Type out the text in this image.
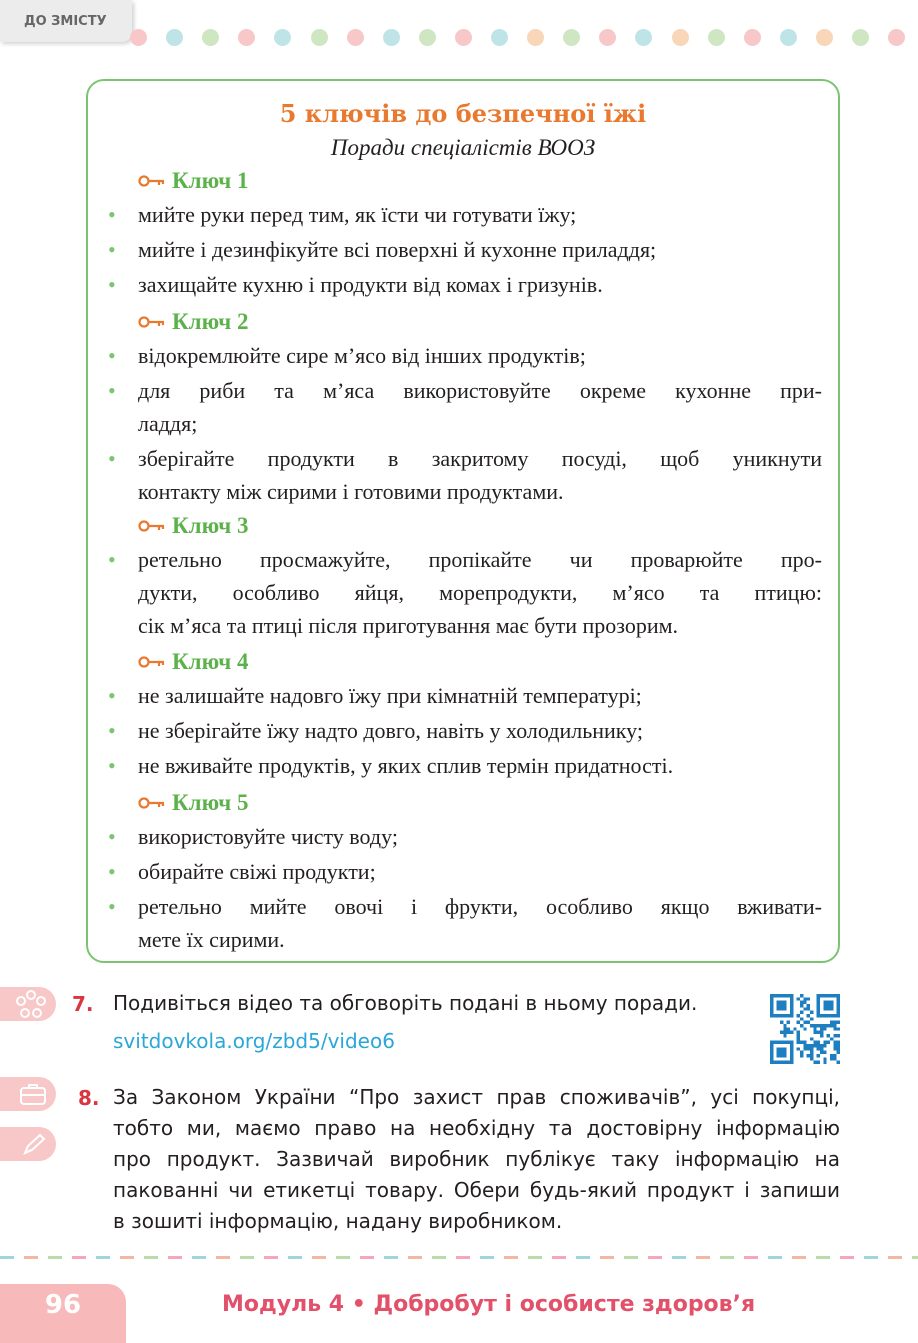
ДО ЗМІСТУ
5 ключів до безпечної їжі
Поради спеціалістів ВООЗ
Ключ 1
•	мийте руки перед тим, як їсти чи готувати їжу;
•	мийте і дезинфікуйте всі поверхні й кухонне приладдя;
•	захищайте кухню і продукти від комах і гризунів.
Ключ 2
•	відокремлюйте сире м’ясо від інших продуктів;
•	для риби та м’яса використовуйте окреме кухонне при-
ладдя;
•	зберігайте продукти в закритому посуді, щоб уникнути
контакту між сирими і готовими продуктами.
Ключ 3
•	ретельно просмажуйте, пропікайте чи проварюйте про-
дукти, особливо яйця, морепродукти, м’ясо та птицю:
сік м’яса та птиці після приготування має бути прозорим.
Ключ 4
•	не залишайте надовго їжу при кімнатній температурі;
•	не зберігайте їжу надто довго, навіть у холодильнику;
•	не вживайте продуктів, у яких сплив термін придатності.
Ключ 5
•	використовуйте чисту воду;
•	обирайте свіжі продукти;
•	ретельно мийте овочі і фрукти, особливо якщо вживати-
мете їх сирими.
7. Подивіться відео та обговоріть подані в ньому поради.
svitdovkola.org/zbd5/video6
8. За Законом України “Про захист прав споживачів”, усі покупці,
тобто ми, маємо право на необхідну та достовірну інформацію
про продукт. Зазвичай виробник публікує таку інформацію на
пакованні чи етикетці товару. Обери будь-який продукт і запиши
в зошиті інформацію, надану виробником.
96	Модуль 4 • Добробут і особисте здоров’я
